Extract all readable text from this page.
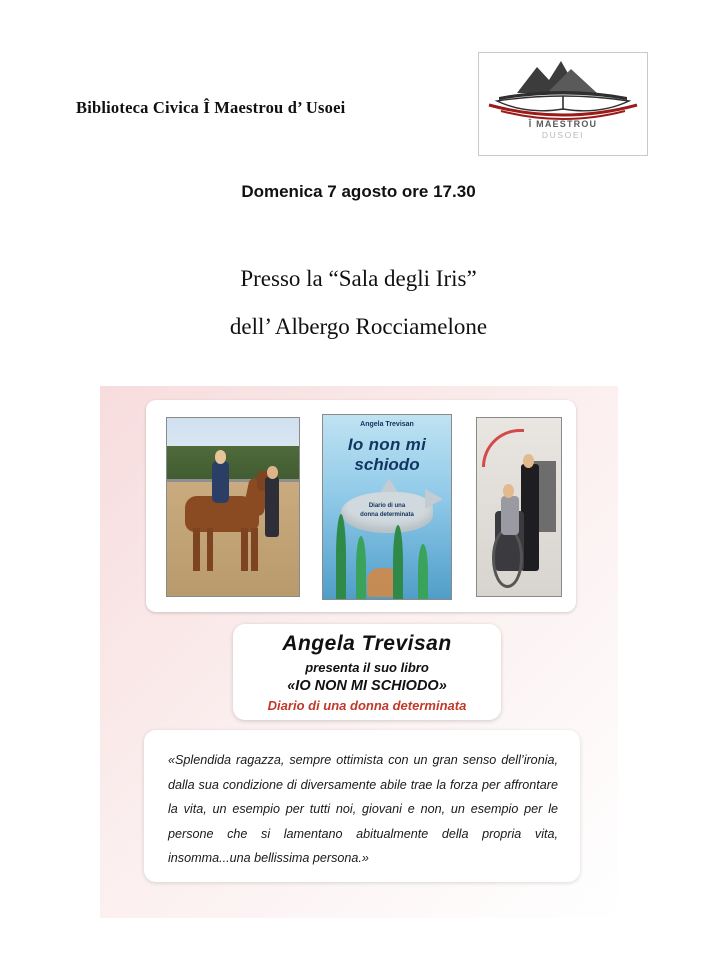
Biblioteca Civica Î Maestrou d’ Usoei
Î MAESTROU
DUSOEI
Domenica 7 agosto ore 17.30
Presso la “Sala degli Iris”
dell’ Albergo Rocciamelone
Angela Trevisan
Io non mi
schiodo
Diario di una
donna determinata
Angela Trevisan
presenta il suo libro
«IO NON MI SCHIODO»
Diario di una donna determinata
«Splendida ragazza, sempre ottimista con un gran senso dell’ironia, dalla sua condizione di diversamente abile trae la forza per affrontare la vita, un esempio per tutti noi, giovani e non, un esempio per le persone che si lamentano abitualmente della propria vita, insomma...una bellissima persona.»
